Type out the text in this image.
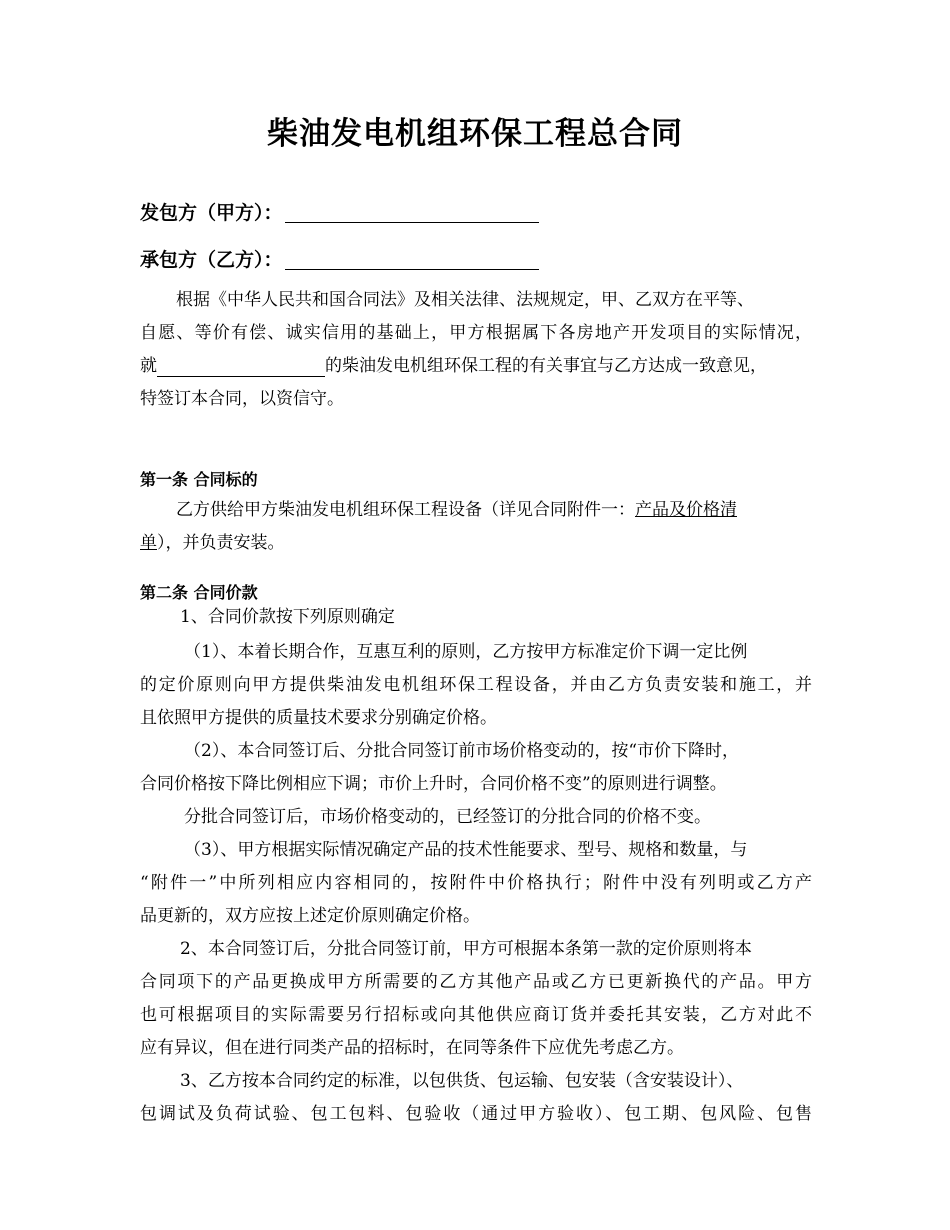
柴油发电机组环保工程总合同
发包方（甲方）：
承包方（乙方）：
根据《中华人民共和国合同法》及相关法律、法规规定，甲、乙双方在平等、
自愿、等价有偿、诚实信用的基础上，甲方根据属下各房地产开发项目的实际情况，
就	的柴油发电机组环保工程的有关事宜与乙方达成一致意见，
特签订本合同，以资信守。
第一条 合同标的
乙方供给甲方柴油发电机组环保工程设备（详见合同附件一：产品及价格清
单），并负责安装。
第二条 合同价款
1、合同价款按下列原则确定
（1）、本着长期合作，互惠互利的原则，乙方按甲方标准定价下调一定比例
的定价原则向甲方提供柴油发电机组环保工程设备，并由乙方负责安装和施工，并
且依照甲方提供的质量技术要求分别确定价格。
（2）、本合同签订后、分批合同签订前市场价格变动的，按“市价下降时，
合同价格按下降比例相应下调；市价上升时，合同价格不变”的原则进行调整。
分批合同签订后，市场价格变动的，已经签订的分批合同的价格不变。
（3）、甲方根据实际情况确定产品的技术性能要求、型号、规格和数量，与
“附件一”中所列相应内容相同的，按附件中价格执行；附件中没有列明或乙方产
品更新的，双方应按上述定价原则确定价格。
2、本合同签订后，分批合同签订前，甲方可根据本条第一款的定价原则将本
合同项下的产品更换成甲方所需要的乙方其他产品或乙方已更新换代的产品。甲方
也可根据项目的实际需要另行招标或向其他供应商订货并委托其安装，乙方对此不
应有异议，但在进行同类产品的招标时，在同等条件下应优先考虑乙方。
3、乙方按本合同约定的标准，以包供货、包运输、包安装（含安装设计）、
包调试及负荷试验、包工包料、包验收（通过甲方验收）、包工期、包风险、包售
